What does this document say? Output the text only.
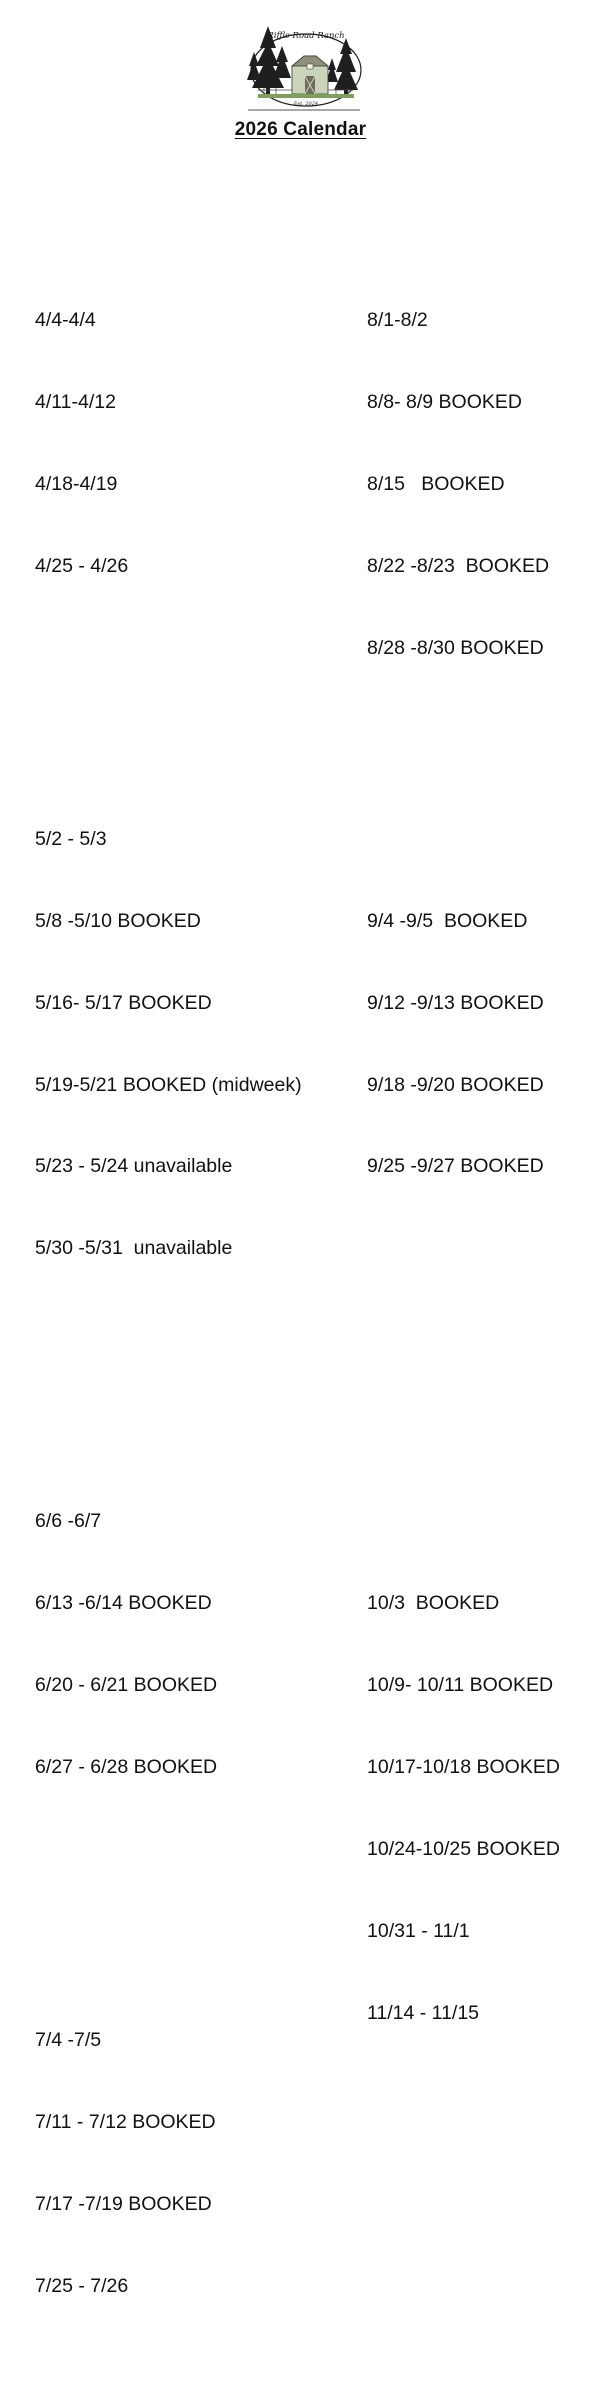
Riffle Road Ranch
Est. 2024
2026 Calendar

4/4-4/4

4/11-4/12

4/18-4/19

4/25 - 4/26

5/2 - 5/3

5/8 -5/10 BOOKED

5/16- 5/17 BOOKED

5/19-5/21 BOOKED (midweek)

5/23 - 5/24 unavailable

5/30 -5/31  unavailable

6/6 -6/7

6/13 -6/14 BOOKED

6/20 - 6/21 BOOKED

6/27 - 6/28 BOOKED

7/4 -7/5

7/11 - 7/12 BOOKED

7/17 -7/19 BOOKED

7/25 - 7/26

8/1-8/2

8/8- 8/9 BOOKED

8/15   BOOKED

8/22 -8/23  BOOKED

8/28 -8/30 BOOKED

9/4 -9/5  BOOKED

9/12 -9/13 BOOKED

9/18 -9/20 BOOKED

9/25 -9/27 BOOKED

10/3  BOOKED

10/9- 10/11 BOOKED

10/17-10/18 BOOKED

10/24-10/25 BOOKED

10/31 - 11/1

11/14 - 11/15
